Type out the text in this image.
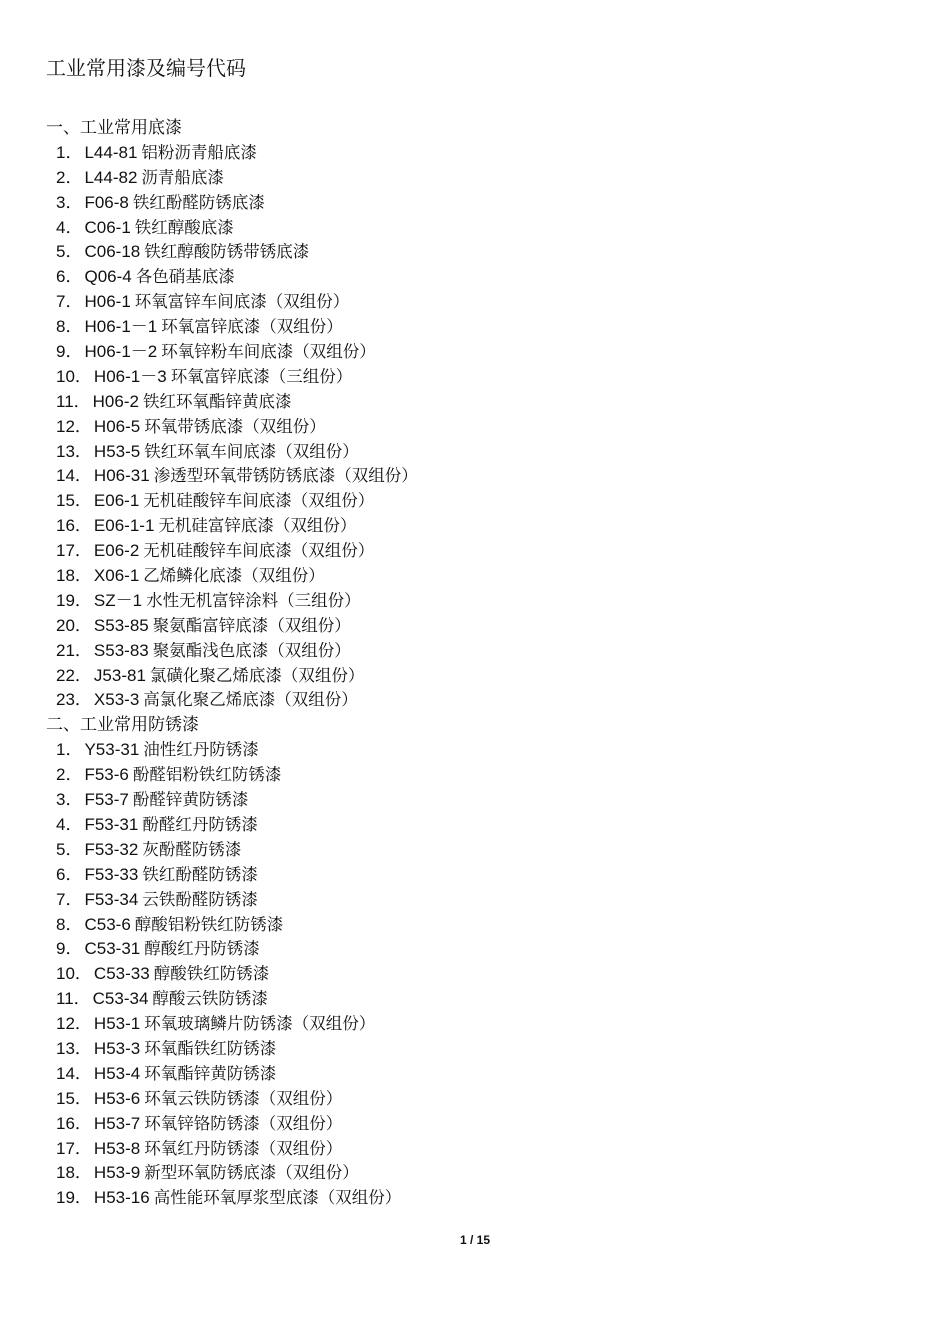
工业常用漆及编号代码
一、工业常用底漆
1． L44-81 铝粉沥青船底漆
2． L44-82 沥青船底漆
3． F06-8 铁红酚醛防锈底漆
4． C06-1 铁红醇酸底漆
5． C06-18 铁红醇酸防锈带锈底漆
6． Q06-4 各色硝基底漆
7． H06-1 环氧富锌车间底漆（双组份）
8． H06-1－1 环氧富锌底漆（双组份）
9． H06-1－2 环氧锌粉车间底漆（双组份）
10． H06-1－3 环氧富锌底漆（三组份）
11． H06-2 铁红环氧酯锌黄底漆
12． H06-5 环氧带锈底漆（双组份）
13． H53-5 铁红环氧车间底漆（双组份）
14． H06-31 渗透型环氧带锈防锈底漆（双组份）
15． E06-1 无机硅酸锌车间底漆（双组份）
16． E06-1-1 无机硅富锌底漆（双组份）
17． E06-2 无机硅酸锌车间底漆（双组份）
18． X06-1 乙烯鳞化底漆（双组份）
19． SZ－1 水性无机富锌涂料（三组份）
20． S53-85 聚氨酯富锌底漆（双组份）
21． S53-83 聚氨酯浅色底漆（双组份）
22． J53-81 氯磺化聚乙烯底漆（双组份）
23． X53-3 高氯化聚乙烯底漆（双组份）
二、工业常用防锈漆
1． Y53-31 油性红丹防锈漆
2． F53-6 酚醛铝粉铁红防锈漆
3． F53-7 酚醛锌黄防锈漆
4． F53-31 酚醛红丹防锈漆
5． F53-32 灰酚醛防锈漆
6． F53-33 铁红酚醛防锈漆
7． F53-34 云铁酚醛防锈漆
8． C53-6 醇酸铝粉铁红防锈漆
9． C53-31 醇酸红丹防锈漆
10． C53-33 醇酸铁红防锈漆
11． C53-34 醇酸云铁防锈漆
12． H53-1 环氧玻璃鳞片防锈漆（双组份）
13． H53-3 环氧酯铁红防锈漆
14． H53-4 环氧酯锌黄防锈漆
15． H53-6 环氧云铁防锈漆（双组份）
16． H53-7 环氧锌铬防锈漆（双组份）
17． H53-8 环氧红丹防锈漆（双组份）
18． H53-9 新型环氧防锈底漆（双组份）
19． H53-16 高性能环氧厚浆型底漆（双组份）
1 / 15
